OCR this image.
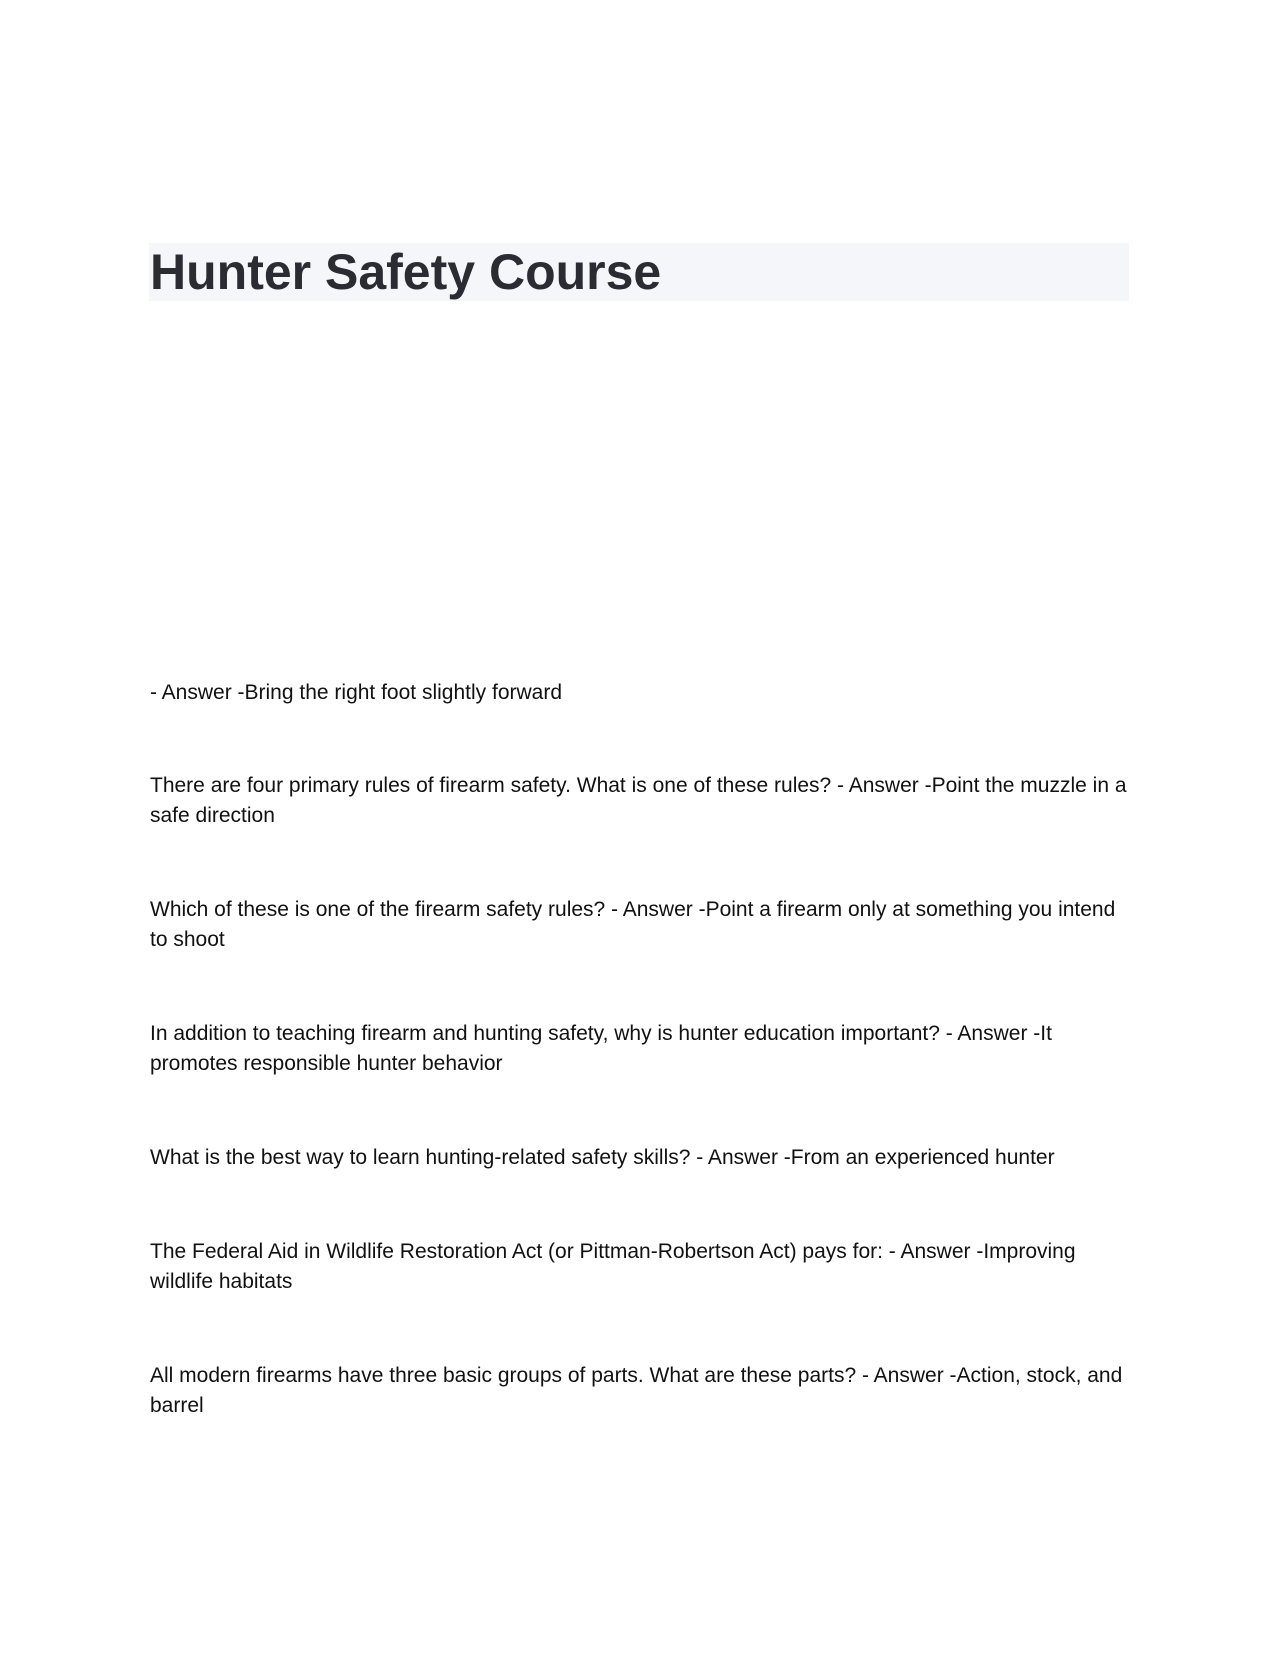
Hunter Safety Course

- Answer -Bring the right foot slightly forward

There are four primary rules of firearm safety. What is one of these rules? - Answer -Point the muzzle in a safe direction

Which of these is one of the firearm safety rules? - Answer -Point a firearm only at something you intend to shoot

In addition to teaching firearm and hunting safety, why is hunter education important? - Answer -It promotes responsible hunter behavior

What is the best way to learn hunting-related safety skills? - Answer -From an experienced hunter

The Federal Aid in Wildlife Restoration Act (or Pittman-Robertson Act) pays for: - Answer -Improving wildlife habitats

All modern firearms have three basic groups of parts. What are these parts? - Answer -Action, stock, and barrel
